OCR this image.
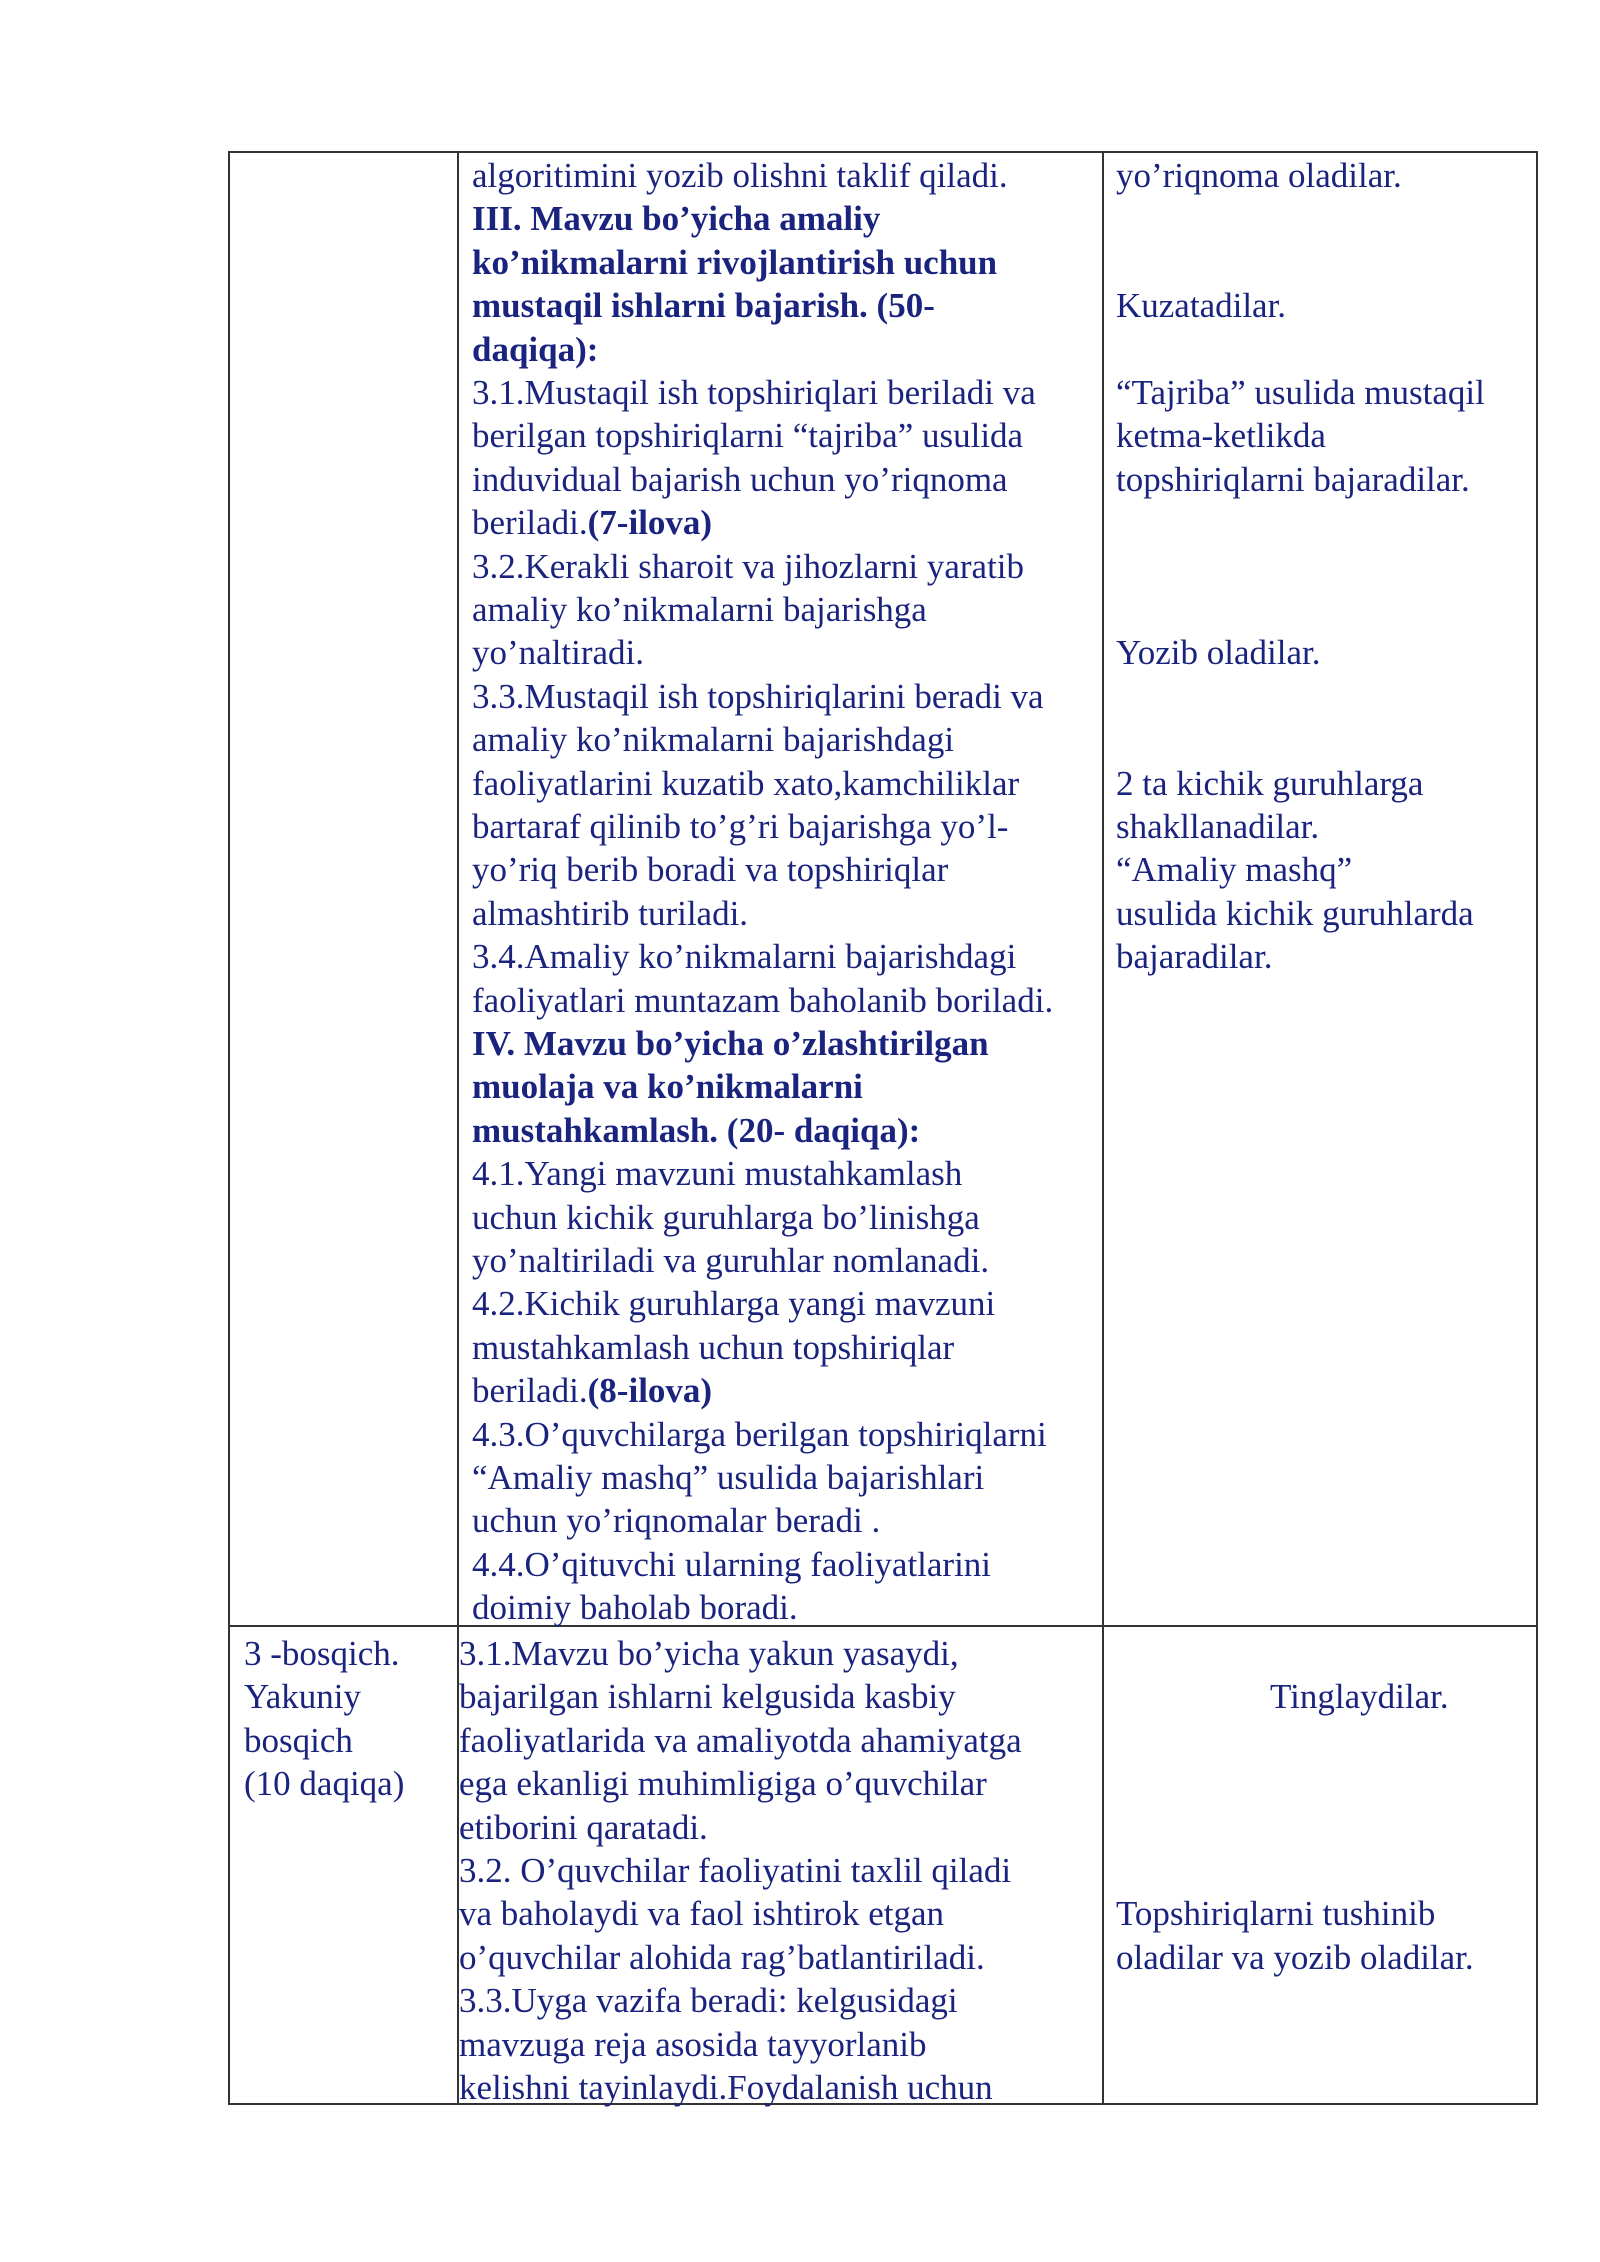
algoritimini yozib olishni taklif qiladi.
III. Mavzu bo’yicha amaliy
ko’nikmalarni rivojlantirish uchun
mustaqil ishlarni bajarish. (50-
daqiqa):
3.1.Mustaqil ish topshiriqlari beriladi va
berilgan topshiriqlarni “tajriba” usulida
induvidual bajarish uchun yo’riqnoma
beriladi.(7-ilova)
3.2.Kerakli sharoit va jihozlarni yaratib
amaliy ko’nikmalarni bajarishga
yo’naltiradi.
3.3.Mustaqil ish topshiriqlarini beradi va
amaliy ko’nikmalarni bajarishdagi
faoliyatlarini kuzatib xato,kamchiliklar
bartaraf qilinib to’g’ri bajarishga yo’l-
yo’riq berib boradi va topshiriqlar
almashtirib turiladi.
3.4.Amaliy ko’nikmalarni bajarishdagi
faoliyatlari muntazam baholanib boriladi.
IV. Mavzu bo’yicha o’zlashtirilgan
muolaja va ko’nikmalarni
mustahkamlash. (20- daqiqa):
4.1.Yangi mavzuni mustahkamlash
uchun kichik guruhlarga bo’linishga
yo’naltiriladi va guruhlar nomlanadi.
4.2.Kichik guruhlarga yangi mavzuni
mustahkamlash uchun topshiriqlar
beriladi.(8-ilova)
4.3.O’quvchilarga berilgan topshiriqlarni
“Amaliy mashq” usulida bajarishlari
uchun yo’riqnomalar beradi .
4.4.O’qituvchi ularning faoliyatlarini
doimiy baholab boradi.
yo’riqnoma oladilar.
Kuzatadilar.
“Tajriba” usulida mustaqil
ketma-ketlikda
topshiriqlarni bajaradilar.
Yozib oladilar.
2 ta kichik guruhlarga
shakllanadilar.
“Amaliy mashq”
usulida kichik guruhlarda
bajaradilar.
3 -bosqich.
Yakuniy
bosqich
(10 daqiqa)
3.1.Mavzu bo’yicha yakun yasaydi,
bajarilgan ishlarni kelgusida kasbiy
faoliyatlarida va amaliyotda ahamiyatga
ega ekanligi muhimligiga o’quvchilar
etiborini qaratadi.
3.2. O’quvchilar faoliyatini taxlil qiladi
va baholaydi va faol ishtirok etgan
o’quvchilar alohida rag’batlantiriladi.
3.3.Uyga vazifa beradi: kelgusidagi
mavzuga reja asosida tayyorlanib
kelishni tayinlaydi.Foydalanish uchun
Tinglaydilar.
Topshiriqlarni tushinib
oladilar va yozib oladilar.
